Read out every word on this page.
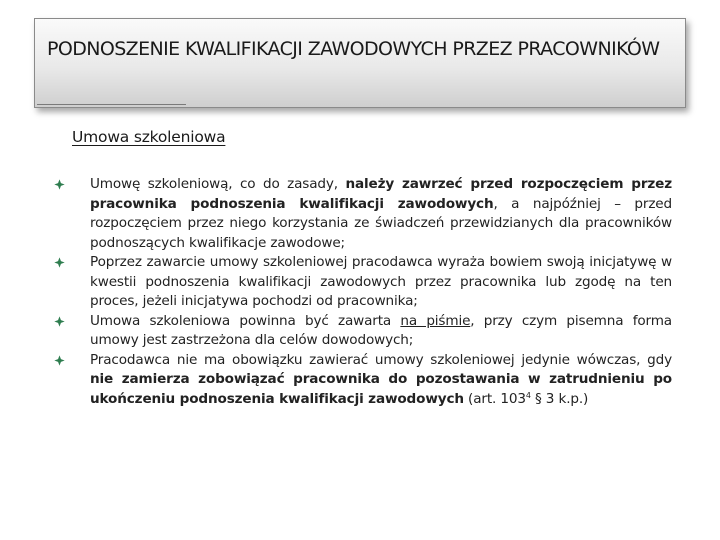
PODNOSZENIE KWALIFIKACJI ZAWODOWYCH PRZEZ PRACOWNIKÓW
Umowa szkoleniowa
Umowę szkoleniową, co do zasady, należy zawrzeć przed rozpoczęciem przez pracownika podnoszenia kwalifikacji zawodowych, a najpóźniej – przed rozpoczęciem przez niego korzystania ze świadczeń przewidzianych dla pracowników podnoszących kwalifikacje zawodowe;
Poprzez zawarcie umowy szkoleniowej pracodawca wyraża bowiem swoją inicjatywę w kwestii podnoszenia kwalifikacji zawodowych przez pracownika lub zgodę na ten proces, jeżeli inicjatywa pochodzi od pracownika;
Umowa szkoleniowa powinna być zawarta na piśmie, przy czym pisemna forma umowy jest zastrzeżona dla celów dowodowych;
Pracodawca nie ma obowiązku zawierać umowy szkoleniowej jedynie wówczas, gdy nie zamierza zobowiązać pracownika do pozostawania w zatrudnieniu po ukończeniu podnoszenia kwalifikacji zawodowych (art. $103^4$ § 3 k.p.)
